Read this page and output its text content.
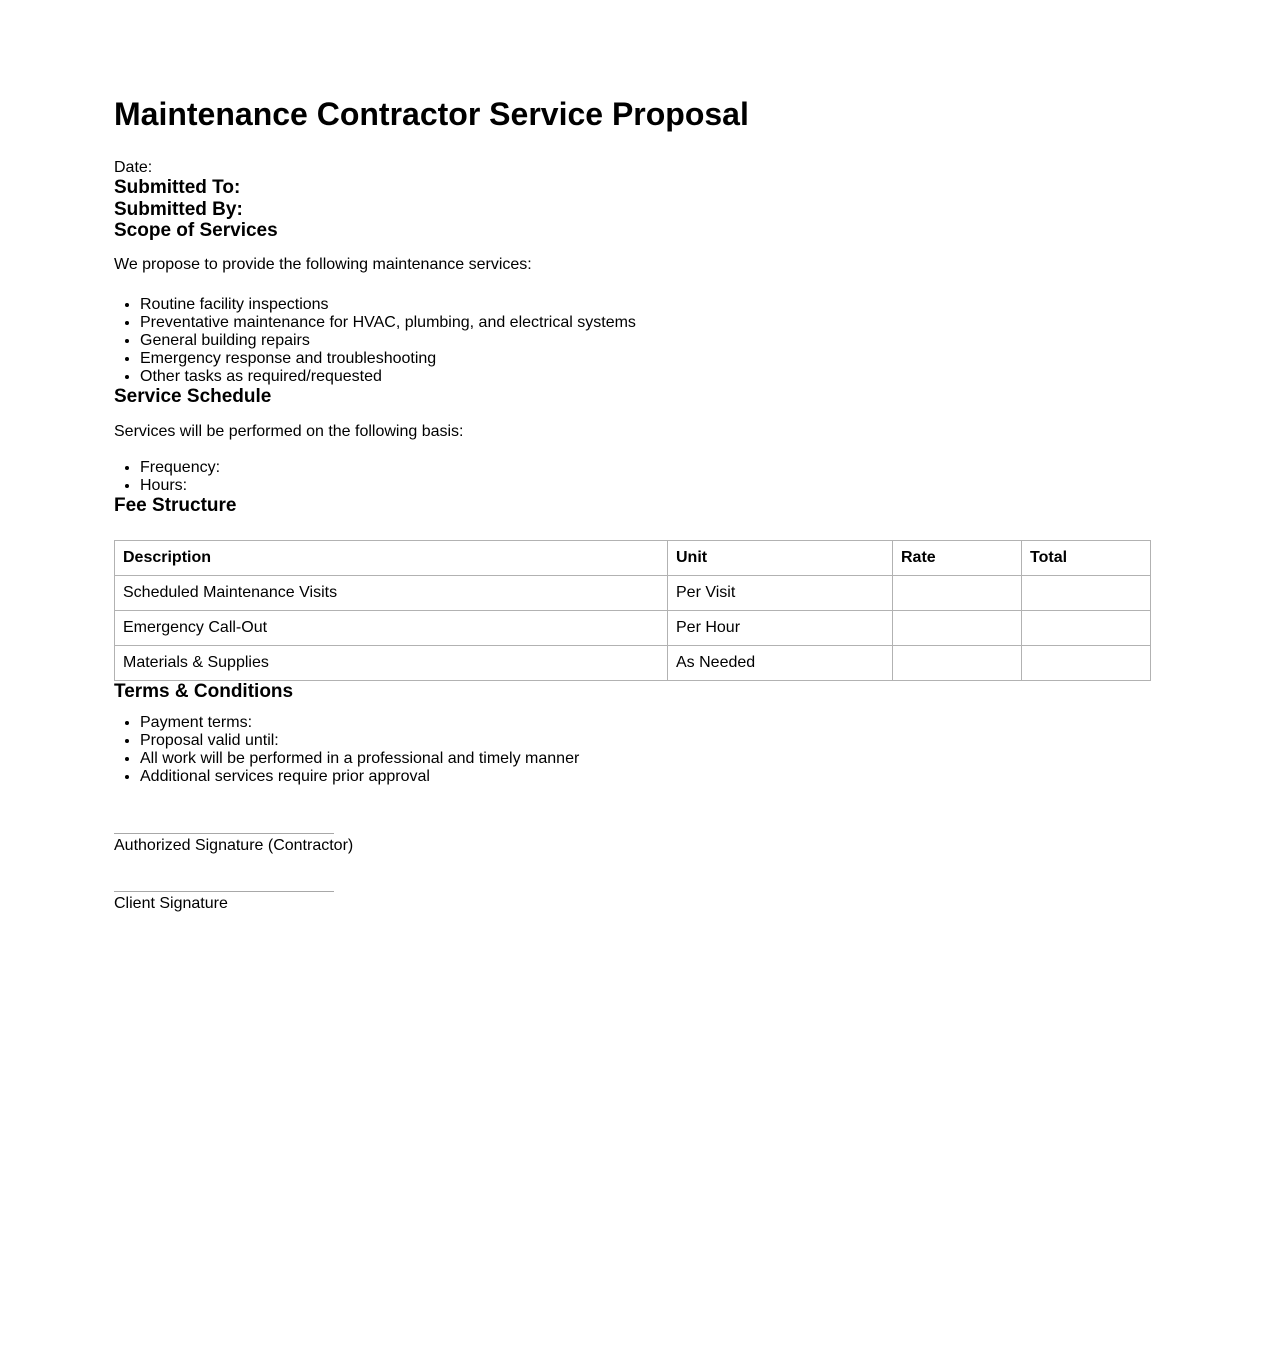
Maintenance Contractor Service Proposal

Date:

Submitted To:
Submitted By:
Scope of Services

We propose to provide the following maintenance services:

• Routine facility inspections
• Preventative maintenance for HVAC, plumbing, and electrical systems
• General building repairs
• Emergency response and troubleshooting
• Other tasks as required/requested
Service Schedule

Services will be performed on the following basis:

• Frequency:
• Hours:
Fee Structure
Description	Unit	Rate	Total
Scheduled Maintenance Visits	Per Visit		
Emergency Call-Out	Per Hour		
Materials & Supplies	As Needed		
Terms & Conditions
• Payment terms:
• Proposal valid until:
• All work will be performed in a professional and timely manner
• Additional services require prior approval

Authorized Signature (Contractor)

Client Signature
